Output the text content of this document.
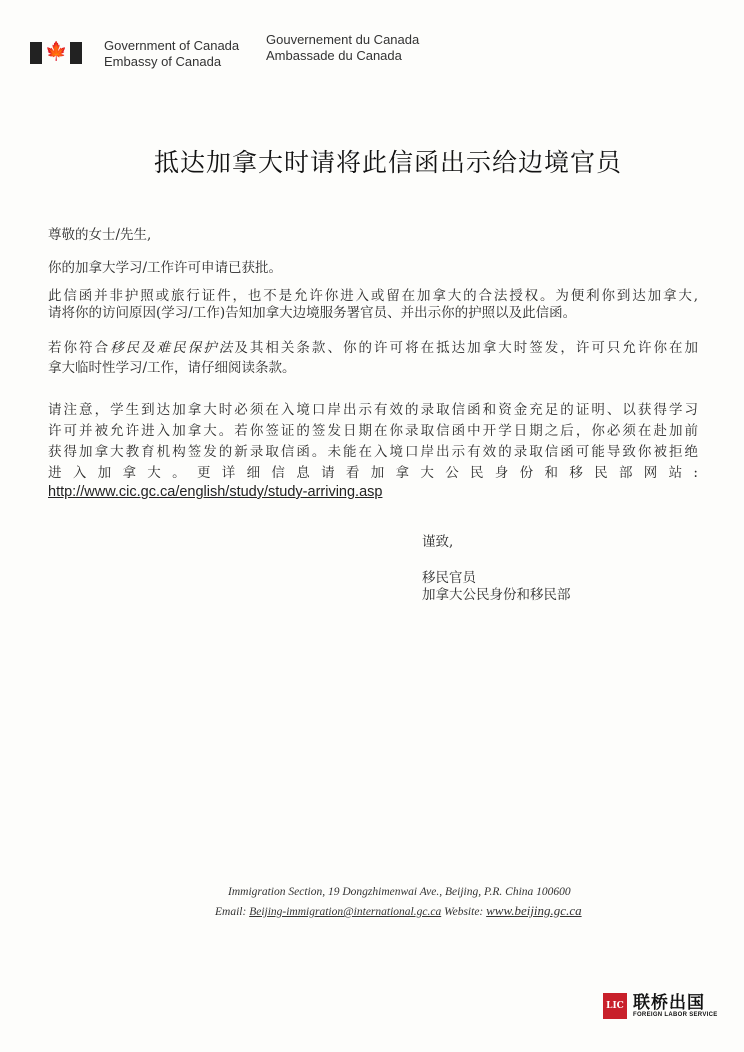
🍁	Government of Canada
Embassy of Canada
Gouvernement du Canada
Ambassade du Canada
抵达加拿大时请将此信函出示给边境官员
尊敬的女士/先生,
你的加拿大学习/工作许可申请已获批。
此信函并非护照或旅行证件，也不是允许你进入或留在加拿大的合法授权。为便利你到达加拿大,
请将你的访问原因(学习/工作)告知加拿大边境服务署官员、并出示你的护照以及此信函。
若你符合移民及难民保护法及其相关条款、你的许可将在抵达加拿大时签发，许可只允许你在加
拿大临时性学习/工作，请仔细阅读条款。
请注意，学生到达加拿大时必须在入境口岸出示有效的录取信函和资金充足的证明、以获得学习
许可并被允许进入加拿大。若你签证的签发日期在你录取信函中开学日期之后，你必须在赴加前
获得加拿大教育机构签发的新录取信函。未能在入境口岸出示有效的录取信函可能导致你被拒绝
进入加拿大。更详细信息请看加拿大公民身份和移民部网站:
http://www.cic.gc.ca/english/study/study-arriving.asp
谨致,
移民官员
加拿大公民身份和移民部
Immigration Section, 19 Dongzhimenwai Ave., Beijing, P.R. China 100600
Email: Beijing-immigration@international.gc.ca Website: www.beijing.gc.ca
LIC 联桥出国
FOREIGN LABOR SERVICE
